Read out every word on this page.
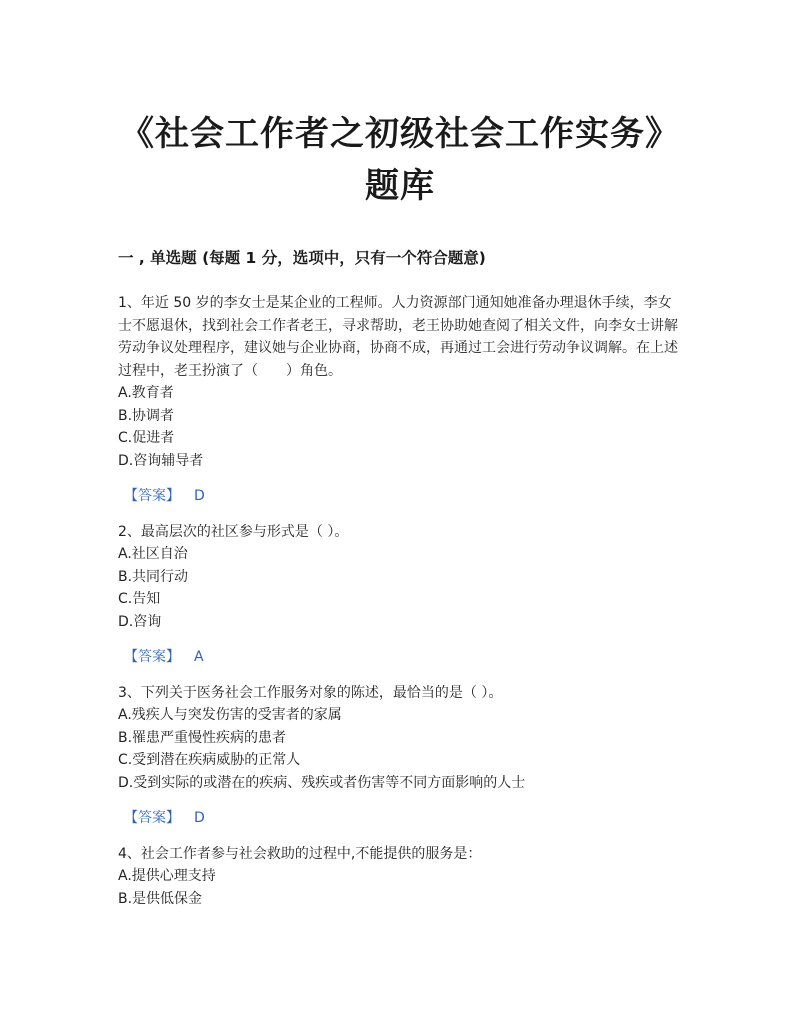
《社会工作者之初级社会工作实务》
题库
一 , 单选题 (每题 1 分，选项中，只有一个符合题意)

1、年近 50 岁的李女士是某企业的工程师。人力资源部门通知她准备办理退休手续，李女士不愿退休，找到社会工作者老王，寻求帮助，老王协助她查阅了相关文件，向李女士讲解劳动争议处理程序，建议她与企业协商，协商不成，再通过工会进行劳动争议调解。在上述过程中，老王扮演了（　　）角色。

A.教育者

B.协调者

C.促进者

D.咨询辅导者

【答案】 D

2、最高层次的社区参与形式是（ ）。

A.社区自治

B.共同行动

C.告知

D.咨询

【答案】 A

3、下列关于医务社会工作服务对象的陈述，最恰当的是（ ）。

A.残疾人与突发伤害的受害者的家属

B.罹患严重慢性疾病的患者

C.受到潜在疾病威胁的正常人

D.受到实际的或潜在的疾病、残疾或者伤害等不同方面影响的人士

【答案】 D

4、社会工作者参与社会救助的过程中,不能提供的服务是：

A.提供心理支持

B.是供低保金
